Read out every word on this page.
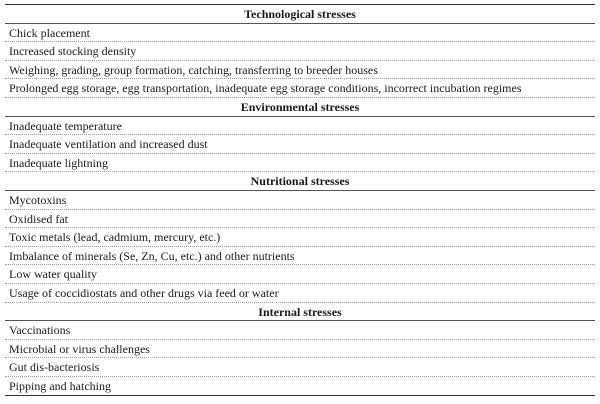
Technological stresses
Chick placement
Increased stocking density
Weighing, grading, group formation, catching, transferring to breeder houses
Prolonged egg storage, egg transportation, inadequate egg storage conditions, incorrect incubation regimes
Environmental stresses
Inadequate temperature
Inadequate ventilation and increased dust
Inadequate lightning
Nutritional stresses
Mycotoxins
Oxidised fat
Toxic metals (lead, cadmium, mercury, etc.)
Imbalance of minerals (Se, Zn, Cu, etc.) and other nutrients
Low water quality
Usage of coccidiostats and other drugs via feed or water
Internal stresses
Vaccinations
Microbial or virus challenges
Gut dis-bacteriosis
Pipping and hatching
